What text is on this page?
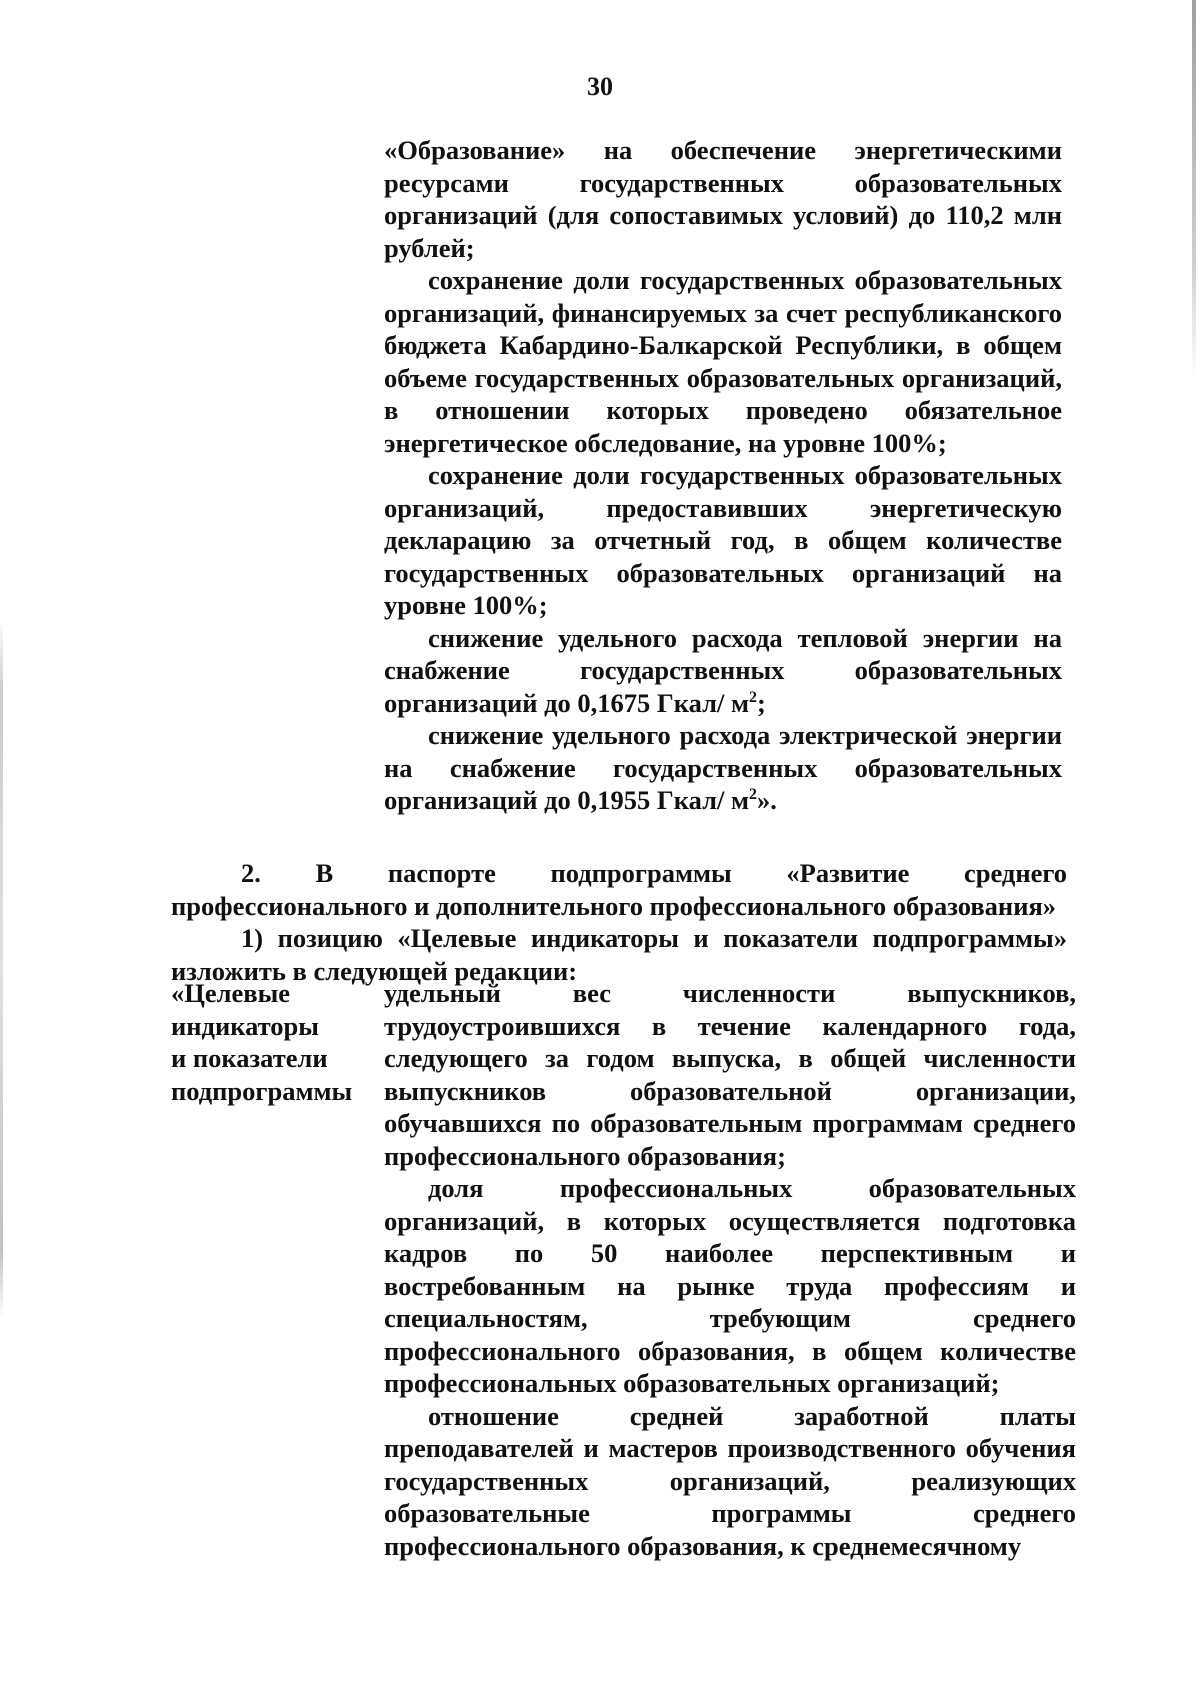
30

«Образование» на обеспечение энергетическими ресурсами государственных образовательных организаций (для сопоставимых условий) до 110,2 млн рублей;

сохранение доли государственных образовательных организаций, финансируемых за счет республиканского бюджета Кабардино-Балкарской Республики, в общем объеме государственных образовательных организаций, в отношении которых проведено обязательное энергетическое обследование, на уровне 100%;

сохранение доли государственных образовательных организаций, предоставивших энергетическую декларацию за отчетный год, в общем количестве государственных образовательных организаций на уровне 100%;

снижение удельного расхода тепловой энергии на снабжение государственных образовательных организаций до 0,1675 Гкал/ $м^2$;

снижение удельного расхода электрической энергии на снабжение государственных образовательных организаций до 0,1955 Гкал/ $м^2$».

2. В паспорте подпрограммы «Развитие среднего профессионального и дополнительного профессионального образования»

1) позицию «Целевые индикаторы и показатели подпрограммы» изложить в следующей редакции:

«Целевые
индикаторы
и показатели
подпрограммы

удельный вес численности выпускников, трудоустроившихся в течение календарного года, следующего за годом выпуска, в общей численности выпускников образовательной организации, обучавшихся по образовательным программам среднего профессионального образования;

доля профессиональных образовательных организаций, в которых осуществляется подготовка кадров по 50 наиболее перспективным и востребованным на рынке труда профессиям и специальностям, требующим среднего профессионального образования, в общем количестве профессиональных образовательных организаций;

отношение средней заработной платы преподавателей и мастеров производственного обучения государственных организаций, реализующих образовательные программы среднего профессионального образования, к среднемесячному
